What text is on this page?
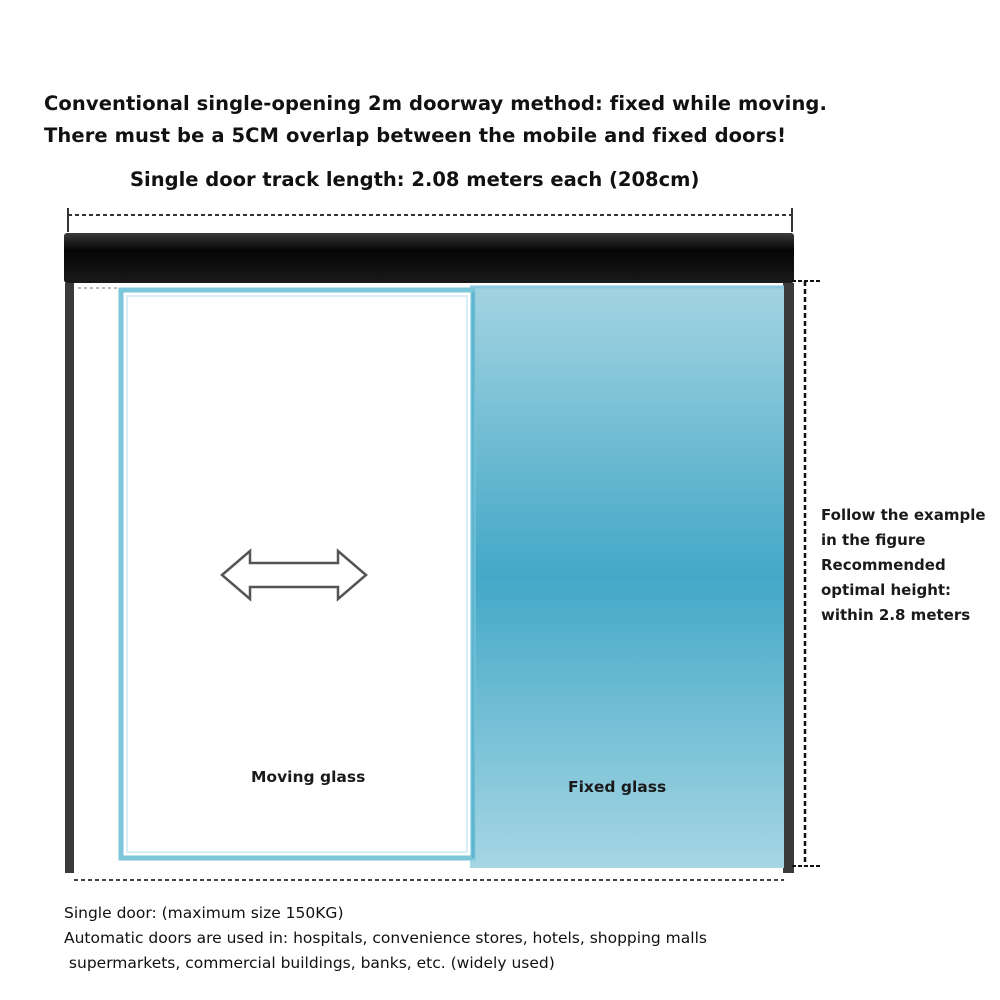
Conventional single-opening 2m doorway method: fixed while moving.
There must be a 5CM overlap between the mobile and fixed doors!
Single door track length: 2.08 meters each (208cm)
Moving glass
Fixed glass
Follow the example
in the figure
Recommended
optimal height:
within 2.8 meters
Single door: (maximum size 150KG)
Automatic doors are used in: hospitals, convenience stores, hotels, shopping malls
supermarkets, commercial buildings, banks, etc. (widely used)
